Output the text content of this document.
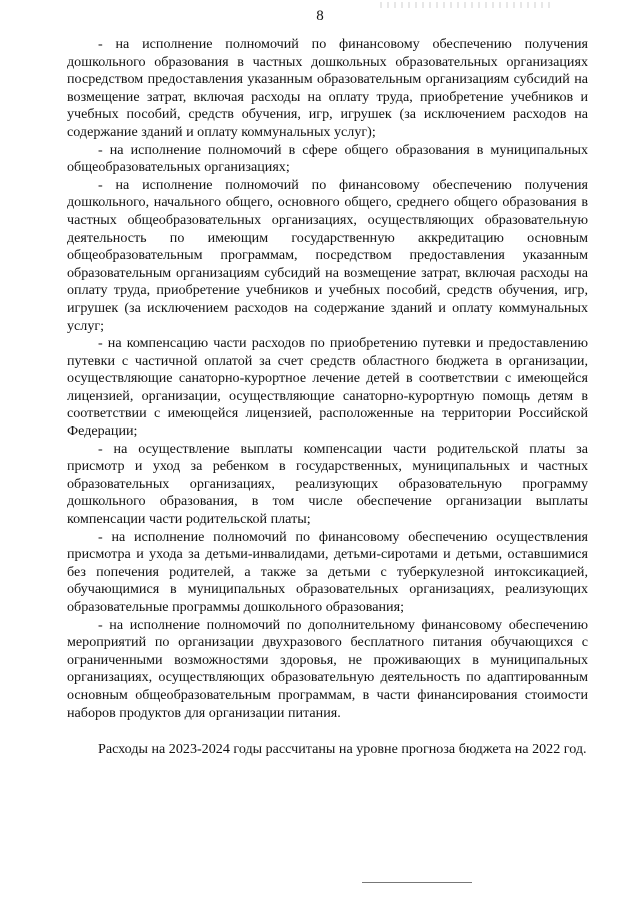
8

- на исполнение полномочий по финансовому обеспечению получения дошкольного образования в частных дошкольных образовательных организациях посредством предоставления указанным образовательным организациям субсидий на возмещение затрат, включая расходы на оплату труда, приобретение учебников и учебных пособий, средств обучения, игр, игрушек (за исключением расходов на содержание зданий и оплату коммунальных услуг);

- на исполнение полномочий в сфере общего образования в муниципальных общеобразовательных организациях;

- на исполнение полномочий по финансовому обеспечению получения дошкольного, начального общего, основного общего, среднего общего образования в частных общеобразовательных организациях, осуществляющих образовательную деятельность по имеющим государственную аккредитацию основным общеобразовательным программам, посредством предоставления указанным образовательным организациям субсидий на возмещение затрат, включая расходы на оплату труда, приобретение учебников и учебных пособий, средств обучения, игр, игрушек (за исключением расходов на содержание зданий и оплату коммунальных услуг;

- на компенсацию части расходов по приобретению путевки и предоставлению путевки с частичной оплатой за счет средств областного бюджета в организации, осуществляющие санаторно-курортное лечение детей в соответствии с имеющейся лицензией, организации, осуществляющие санаторно-курортную помощь детям в соответствии с имеющейся лицензией, расположенные на территории Российской Федерации;

- на осуществление выплаты компенсации части родительской платы за присмотр и уход за ребенком в государственных, муниципальных и частных образовательных организациях, реализующих образовательную программу дошкольного образования, в том числе обеспечение организации выплаты компенсации части родительской платы;

- на исполнение полномочий по финансовому обеспечению осуществления присмотра и ухода за детьми-инвалидами, детьми-сиротами и детьми, оставшимися без попечения родителей, а также за детьми с туберкулезной интоксикацией, обучающимися в муниципальных образовательных организациях, реализующих образовательные программы дошкольного образования;

- на исполнение полномочий по дополнительному финансовому обеспечению мероприятий по организации двухразового бесплатного питания обучающихся с ограниченными возможностями здоровья, не проживающих в муниципальных организациях, осуществляющих образовательную деятельность по адаптированным основным общеобразовательным программам, в части финансирования стоимости наборов продуктов для организации питания.

Расходы на 2023-2024 годы рассчитаны на уровне прогноза бюджета на 2022 год.
